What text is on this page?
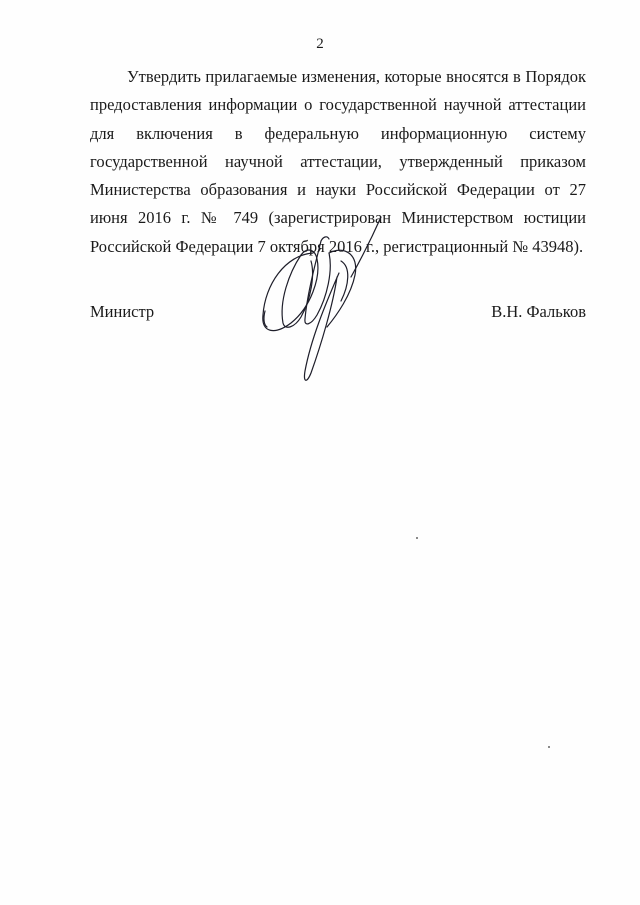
2

Утвердить прилагаемые изменения, которые вносятся в Порядок предоставления информации о государственной научной аттестации для включения в федеральную информационную систему государственной научной аттестации, утвержденный приказом Министерства образования и науки Российской Федерации от 27 июня 2016 г. № 749 (зарегистрирован Министерством юстиции Российской Федерации 7 октября 2016 г., регистрационный № 43948).

Министр	В.Н. Фальков
